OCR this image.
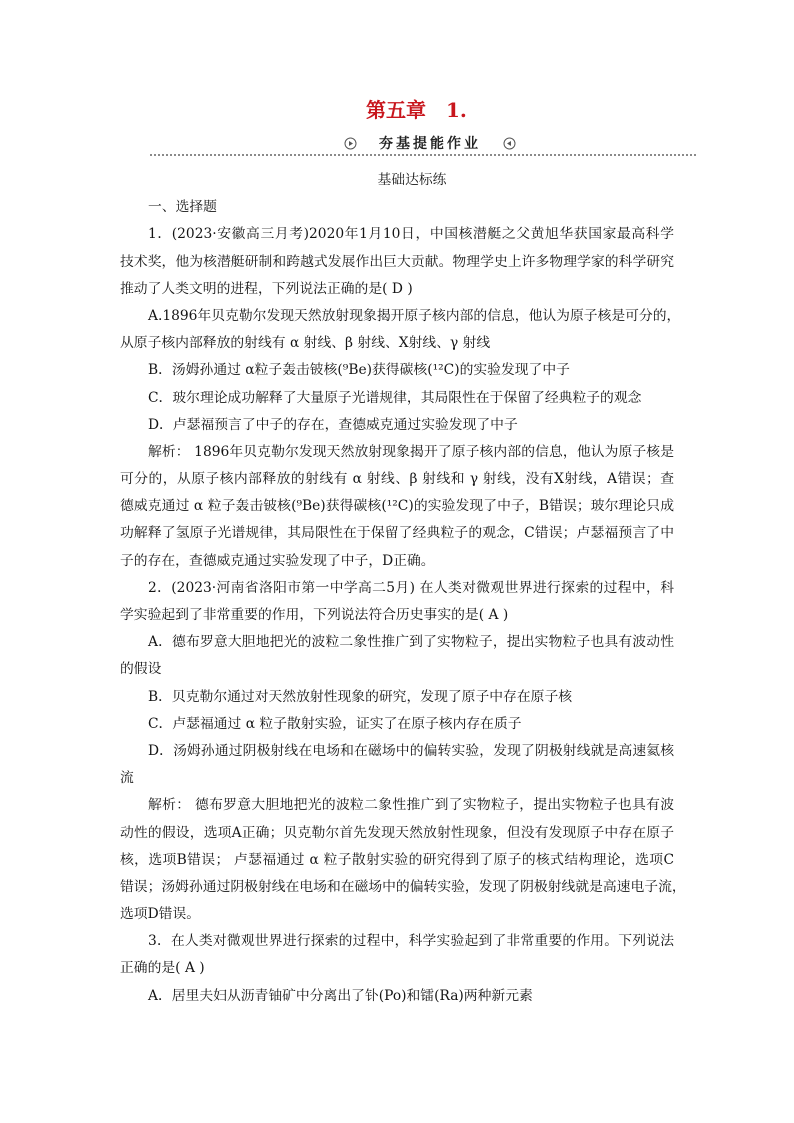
第五章　1.
夯基提能作业
基础达标练
一、选择题
1．(2023·安徽高三月考)2020年1月10日，中国核潜艇之父黄旭华获国家最高科学
技术奖，他为核潜艇研制和跨越式发展作出巨大贡献。物理学史上许多物理学家的科学研究
推动了人类文明的进程，下列说法正确的是( D )
A.1896年贝克勒尔发现天然放射现象揭开原子核内部的信息，他认为原子核是可分的，
从原子核内部释放的射线有 α 射线、β 射线、X射线、γ 射线
B．汤姆孙通过 α粒子轰击铍核(⁹Be)获得碳核(¹²C)的实验发现了中子
C．玻尔理论成功解释了大量原子光谱规律，其局限性在于保留了经典粒子的观念
D．卢瑟福预言了中子的存在，查德威克通过实验发现了中子
解析： 1896年贝克勒尔发现天然放射现象揭开了原子核内部的信息，他认为原子核是
可分的，从原子核内部释放的射线有 α 射线、β 射线和 γ 射线，没有X射线，A错误；查
德威克通过 α 粒子轰击铍核(⁹Be)获得碳核(¹²C)的实验发现了中子，B错误；玻尔理论只成
功解释了氢原子光谱规律，其局限性在于保留了经典粒子的观念，C错误；卢瑟福预言了中
子的存在，查德威克通过实验发现了中子，D正确。
2．(2023·河南省洛阳市第一中学高二5月) 在人类对微观世界进行探索的过程中，科
学实验起到了非常重要的作用，下列说法符合历史事实的是( A )
A．德布罗意大胆地把光的波粒二象性推广到了实物粒子，提出实物粒子也具有波动性
的假设
B．贝克勒尔通过对天然放射性现象的研究，发现了原子中存在原子核
C．卢瑟福通过 α 粒子散射实验，证实了在原子核内存在质子
D．汤姆孙通过阴极射线在电场和在磁场中的偏转实验，发现了阴极射线就是高速氦核
流
解析： 德布罗意大胆地把光的波粒二象性推广到了实物粒子，提出实物粒子也具有波
动性的假设，选项A正确；贝克勒尔首先发现天然放射性现象，但没有发现原子中存在原子
核，选项B错误； 卢瑟福通过 α 粒子散射实验的研究得到了原子的核式结构理论，选项C
错误；汤姆孙通过阴极射线在电场和在磁场中的偏转实验，发现了阴极射线就是高速电子流，
选项D错误。
3．在人类对微观世界进行探索的过程中，科学实验起到了非常重要的作用。下列说法
正确的是( A )
A．居里夫妇从沥青铀矿中分离出了钋(Po)和镭(Ra)两种新元素
